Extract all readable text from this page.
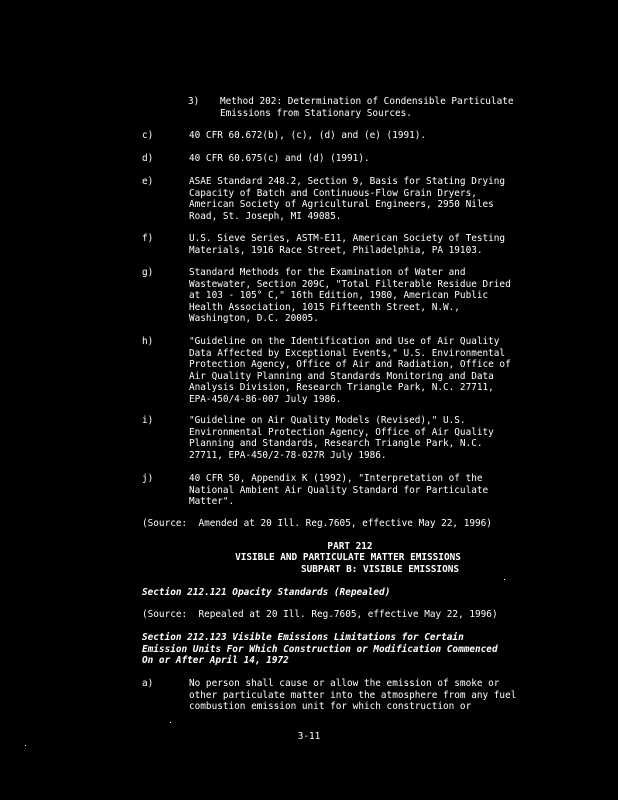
3) Method 202: Determination of Condensible Particulate
Emissions from Stationary Sources.
c)	40 CFR 60.672(b), (c), (d) and (e) (1991).
d)	40 CFR 60.675(c) and (d) (1991).
e)	ASAE Standard 248.2, Section 9, Basis for Stating Drying
Capacity of Batch and Continuous-Flow Grain Dryers,
American Society of Agricultural Engineers, 2950 Niles
Road, St. Joseph, MI 49085.
f)	U.S. Sieve Series, ASTM-E11, American Society of Testing
Materials, 1916 Race Street, Philadelphia, PA 19103.
g)	Standard Methods for the Examination of Water and
Wastewater, Section 209C, "Total Filterable Residue Dried
at 103 - 105° C," 16th Edition, 1980, American Public
Health Association, 1015 Fifteenth Street, N.W.,
Washington, D.C. 20005.
h)	"Guideline on the Identification and Use of Air Quality
Data Affected by Exceptional Events," U.S. Environmental
Protection Agency, Office of Air and Radiation, Office of
Air Quality Planning and Standards Monitoring and Data
Analysis Division, Research Triangle Park, N.C. 27711,
EPA-450/4-86-007 July 1986.
i)	"Guideline on Air Quality Models (Revised)," U.S.
Environmental Protection Agency, Office of Air Quality
Planning and Standards, Research Triangle Park, N.C.
27711, EPA-450/2-78-027R July 1986.
j)	40 CFR 50, Appendix K (1992), "Interpretation of the
National Ambient Air Quality Standard for Particulate
Matter".
(Source:  Amended at 20 Ill. Reg.7605, effective May 22, 1996)
PART 212
VISIBLE AND PARTICULATE MATTER EMISSIONS
SUBPART B: VISIBLE EMISSIONS
Section 212.121 Opacity Standards (Repealed)
(Source:  Repealed at 20 Ill. Reg.7605, effective May 22, 1996)
Section 212.123 Visible Emissions Limitations for Certain
Emission Units For Which Construction or Modification Commenced
On or After April 14, 1972
a)	No person shall cause or allow the emission of smoke or
other particulate matter into the atmosphere from any fuel
combustion emission unit for which construction or
3-11
